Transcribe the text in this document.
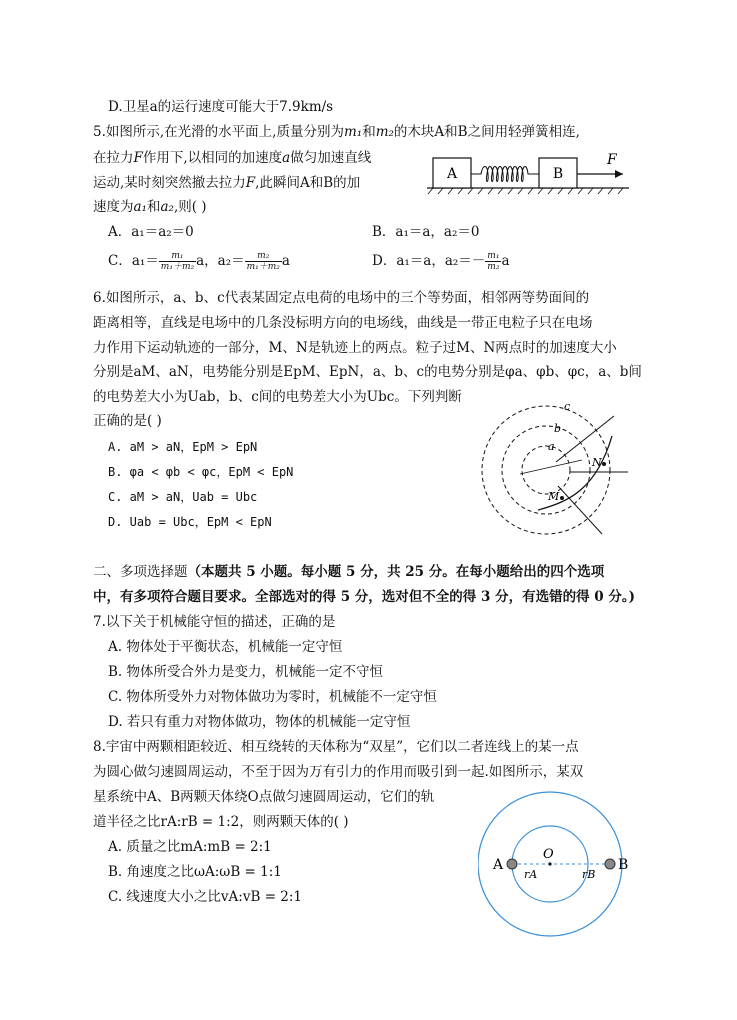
D.卫星a的运行速度可能大于7.9km/s
5.如图所示,在光滑的水平面上,质量分别为m₁和m₂的木块A和B之间用轻弹簧相连,
在拉力F作用下,以相同的加速度a做匀加速直线
运动,某时刻突然撤去拉力F,此瞬间A和B的加
速度为a₁和a₂,则( )
A．a₁＝a₂＝0	B．a₁＝a，a₂＝0
C．$a_1= \frac{\text{m₁}}{\text{m₁＋m₂}}$ a，$a_2= \frac{\text{m₂}}{\text{m₁＋m₂}}$ a	D．a₁＝a，$a_2=- \frac{\text{m₁}}{\text{m₂}}$ a
A	B
F
6.如图所示，a、b、c代表某固定点电荷的电场中的三个等势面，相邻两等势面间的
距离相等，直线是电场中的几条没标明方向的电场线，曲线是一带正电粒子只在电场
力作用下运动轨迹的一部分，M、N是轨迹上的两点。粒子过M、N两点时的加速度大小
分别是aM、aN，电势能分别是EpM、EpN，a、b、c的电势分别是φa、φb、φc，a、b间
的电势差大小为Uab，b、c间的电势差大小为Ubc。下列判断
正确的是( )
A. aM > aN，EpM > EpN
B. φa < φb < φc，EpM < EpN
C. aM > aN，Uab = Ubc
D. Uab = Ubc，EpM < EpN
c
b
a
N
M
二、多项选择题（本题共 5 小题。每小题 5 分，共 25 分。在每小题给出的四个选项
中，有多项符合题目要求。全部选对的得 5 分，选对但不全的得 3 分，有选错的得 0 分。)
7.以下关于机械能守恒的描述，正确的是
A. 物体处于平衡状态，机械能一定守恒
B. 物体所受合外力是变力，机械能一定不守恒
C. 物体所受外力对物体做功为零时，机械能不一定守恒
D. 若只有重力对物体做功，物体的机械能一定守恒
8.宇宙中两颗相距较近、相互绕转的天体称为“双星”，它们以二者连线上的某一点
为圆心做匀速圆周运动，不至于因为万有引力的作用而吸引到一起.如图所示，某双
星系统中A、B两颗天体绕O点做匀速圆周运动，它们的轨
道半径之比rA:rB = 1:2，则两颗天体的( )
A. 质量之比mA:mB = 2:1
B. 角速度之比ωA:ωB = 1:1
C. 线速度大小之比vA:vB = 2:1
A	B
O
rA	rB
